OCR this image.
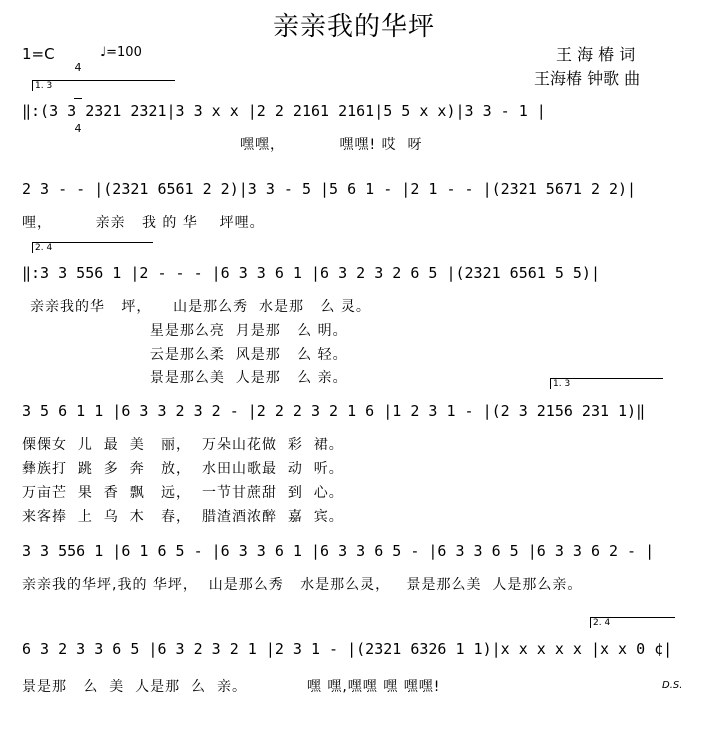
亲亲我的华坪
1=C

4

4

♩=100	王 海 椿 词
王海椿 钟歌 曲
1. 3
‖:(3 3 2321 2321|3 3 x x |2 2 2161 2161|5 5 x x)|3 3 - 1 |
嘿嘿，          嘿嘿! 哎  呀
2 3 - - |(2321 6561 2 2)|3 3 - 5 |5 6 1 - |2 1 - - |(2321 5671 2 2)|
哩，        亲亲   我 的 华    坪哩。
2. 4
‖:3 3 556 1 |2 - - - |6 3 3 6 1 |6 3 2 3 2 6 5 |(2321 6561 5 5)|
亲亲我的华   坪，    山是那么秀  水是那   么 灵。
星是那么亮  月是那   么 明。
云是那么柔  风是那   么 轻。
景是那么美  人是那   么 亲。	1. 3
3 5 6 1 1 |6 3 3 2 3 2 - |2 2 2 3 2 1 6 |1 2 3 1 - |(2 3 2156 231 1)‖
傈傈女  儿  最  美   丽，  万朵山花做  彩  裙。
彝族打  跳  多  奔   放，  水田山歌最  动  听。
万亩芒  果  香  飘   远，  一节甘蔗甜  到  心。
来客捧  上  乌  木   春，  腊渣酒浓醉  嘉  宾。
3 3 556 1 |6 1 6 5 - |6 3 3 6 1 |6 3 3 6 5 - |6 3 3 6 5 |6 3 3 6 2 - |
亲亲我的华坪,我的 华坪，  山是那么秀   水是那么灵，   景是那么美  人是那么亲。
2. 4
6 3 2 3 3 6 5 |6 3 2 3 2 1 |2 3 1 - |(2321 6326 1 1)|x x x x x |x x 0 ¢|
景是那   么  美  人是那  么  亲。           嘿 嘿,嘿嘿 嘿 嘿嘿!	D.S.
